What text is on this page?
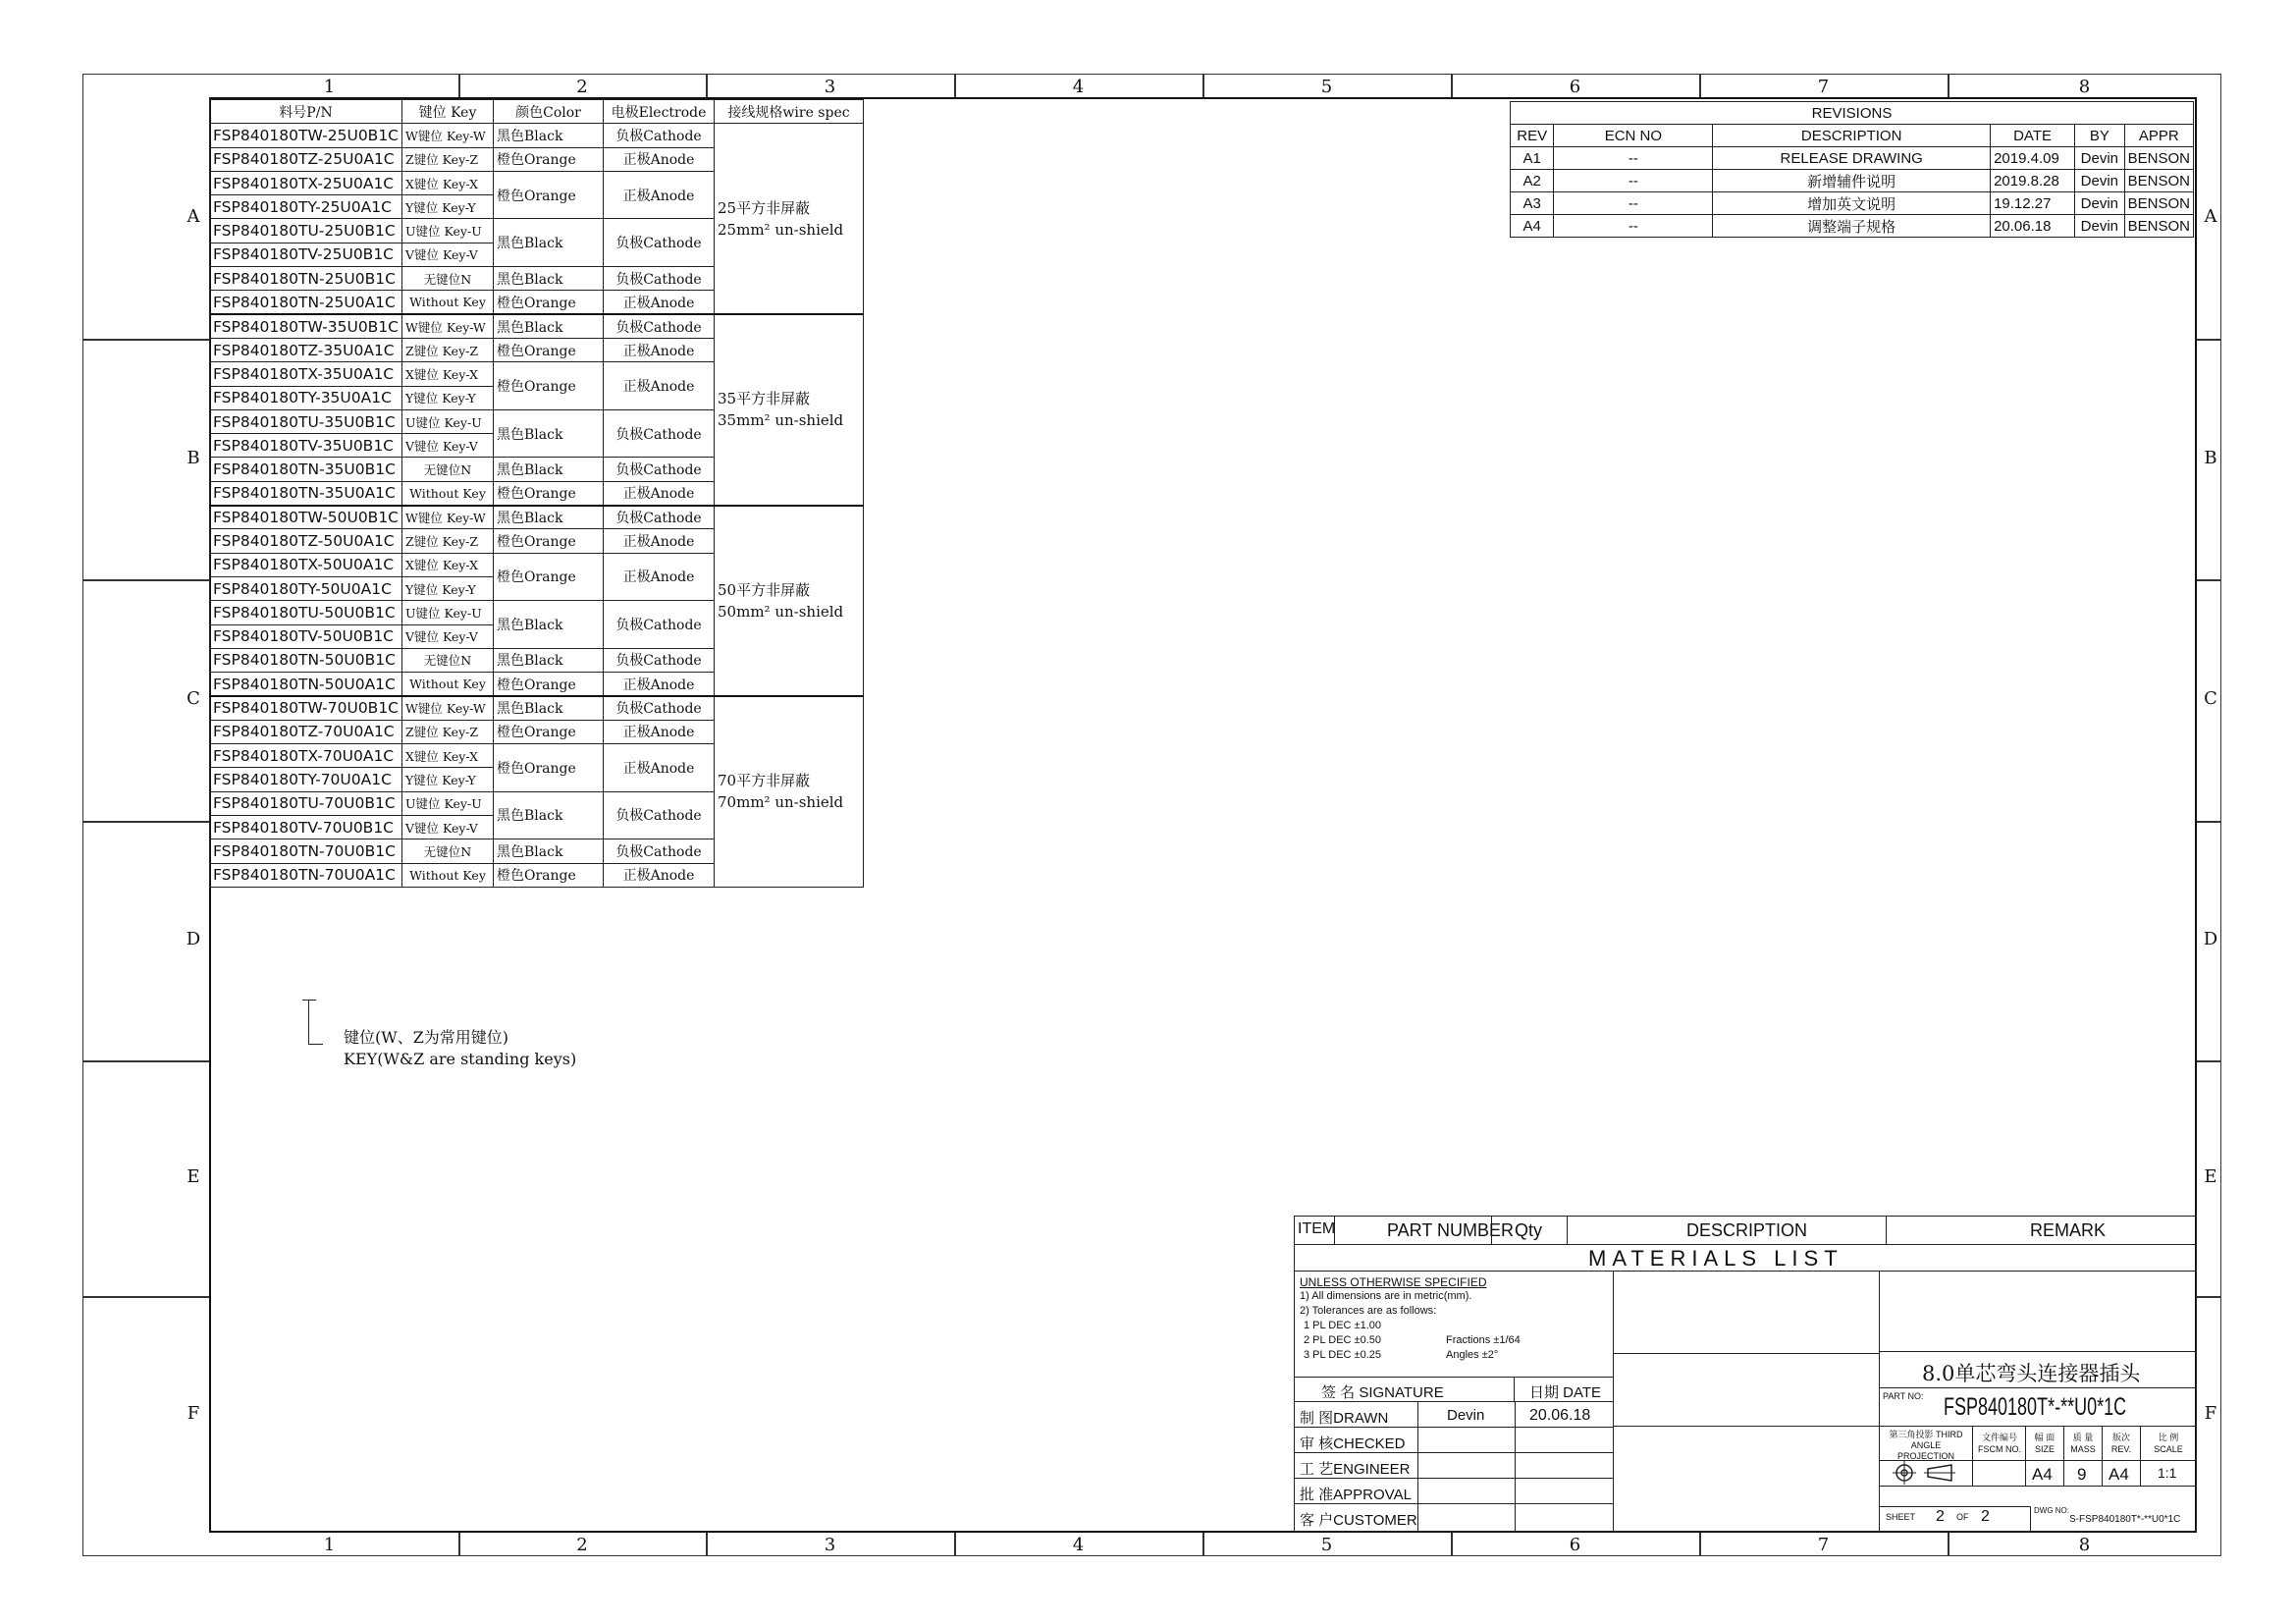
1
1
2
2
3
3
4
4
5
5
6
6
7
7
8
8
A	A
B	B
C	C
D	D
E	E
F	F
料号P/N	键位 Key	颜色Color	电极Electrode	接线规格wire spec
FSP840180TW-25U0B1C	W键位 Key-W	黑色Black	负极Cathode	25平方非屏蔽
25mm² un-shield

FSP840180TZ-25U0A1C	Z键位 Key-Z	橙色Orange	正极Anode	
FSP840180TX-25U0A1C	X键位 Key-X	橙色Orange	正极Anode	
FSP840180TY-25U0A1C	Y键位 Key-Y			
FSP840180TU-25U0B1C	U键位 Key-U	黑色Black	负极Cathode	
FSP840180TV-25U0B1C	V键位 Key-V			
FSP840180TN-25U0B1C	无键位N	黑色Black	负极Cathode	
FSP840180TN-25U0A1C	Without Key	橙色Orange	正极Anode	
FSP840180TW-35U0B1C	W键位 Key-W	黑色Black	负极Cathode	35平方非屏蔽
35mm² un-shield

FSP840180TZ-35U0A1C	Z键位 Key-Z	橙色Orange	正极Anode	
FSP840180TX-35U0A1C	X键位 Key-X	橙色Orange	正极Anode	
FSP840180TY-35U0A1C	Y键位 Key-Y			
FSP840180TU-35U0B1C	U键位 Key-U	黑色Black	负极Cathode	
FSP840180TV-35U0B1C	V键位 Key-V			
FSP840180TN-35U0B1C	无键位N	黑色Black	负极Cathode	
FSP840180TN-35U0A1C	Without Key	橙色Orange	正极Anode	
FSP840180TW-50U0B1C	W键位 Key-W	黑色Black	负极Cathode	50平方非屏蔽
50mm² un-shield

FSP840180TZ-50U0A1C	Z键位 Key-Z	橙色Orange	正极Anode	
FSP840180TX-50U0A1C	X键位 Key-X	橙色Orange	正极Anode	
FSP840180TY-50U0A1C	Y键位 Key-Y			
FSP840180TU-50U0B1C	U键位 Key-U	黑色Black	负极Cathode	
FSP840180TV-50U0B1C	V键位 Key-V			
FSP840180TN-50U0B1C	无键位N	黑色Black	负极Cathode	
FSP840180TN-50U0A1C	Without Key	橙色Orange	正极Anode	
FSP840180TW-70U0B1C	W键位 Key-W	黑色Black	负极Cathode	70平方非屏蔽
70mm² un-shield

FSP840180TZ-70U0A1C	Z键位 Key-Z	橙色Orange	正极Anode	
FSP840180TX-70U0A1C	X键位 Key-X	橙色Orange	正极Anode	
FSP840180TY-70U0A1C	Y键位 Key-Y			
FSP840180TU-70U0B1C	U键位 Key-U	黑色Black	负极Cathode	
FSP840180TV-70U0B1C	V键位 Key-V			
FSP840180TN-70U0B1C	无键位N	黑色Black	负极Cathode	
FSP840180TN-70U0A1C	Without Key	橙色Orange	正极Anode	
键位(W、Z为常用键位)
KEY(W&Z are standing keys)
REVISIONS					
REV	ECN NO	DESCRIPTION	DATE	BY	APPR
A1	--	RELEASE DRAWING	2019.4.09	Devin	BENSON
A2	--	新增辅件说明	2019.8.28	Devin	BENSON
A3	--	增加英文说明	19.12.27	Devin	BENSON
A4	--	调整端子规格	20.06.18	Devin	BENSON
ITEM	PART NUMBER Qty	DESCRIPTION	REMARK
MATERIALS LIST
UNLESS OTHERWISE SPECIFIED
1) All dimensions are in metric(mm).
2) Tolerances are as follows:
1 PL DEC ±1.00
2 PL DEC ±0.50
3 PL DEC ±0.25
Fractions ±1/64
Angles ±2°
签 名 SIGNATURE	日期 DATE
制 图DRAWN	Devin	20.06.18
审 核CHECKED
工 艺ENGINEER
批 准APPROVAL
客 户CUSTOMER
8.0单芯弯头连接器插头
PART NO: FSP840180T*-**U0*1C
第三角投影 THIRD ANGLE PROJECTION
文件编号 FSCM NO.
幅 面 SIZE
质 量 MASS
版次 REV.
比 例 SCALE
A4 9 A4 1:1
SHEET 2 OF 2	DWG NO:
S-FSP840180T*-**U0*1C
